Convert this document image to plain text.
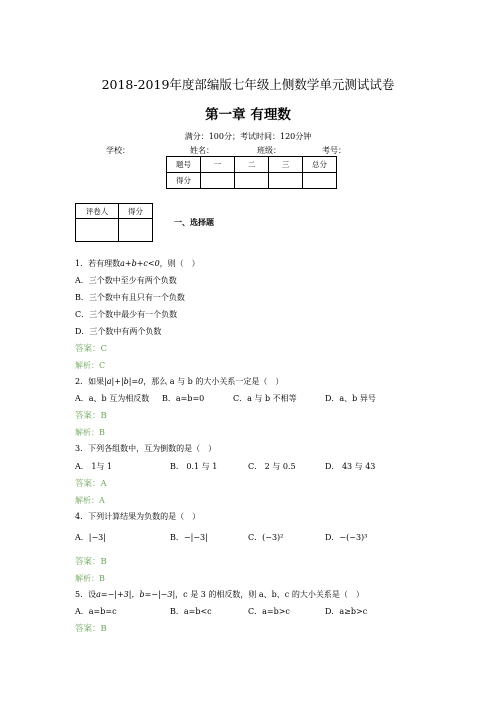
2018-2019年度部编版七年级上侧数学单元测试试卷
第一章 有理数
满分：100分；考试时间：120分钟
学校：	姓名：	班级：	考号：
题号	一	二	三	总分
得分				
评卷人	得分

一、选择题
1．若有理数a+b+c<0，则（　）
A．三个数中至少有两个负数
B．三个数中有且只有一个负数
C．三个数中最少有一个负数
D．三个数中有两个负数
答案：C
解析：C
2．如果|a|+|b|=0，那么 a 与 b 的大小关系一定是（　）
A．a、b 互为相反数 B．a=b=0	C．a 与 b 不相等	D．a、b 异号
答案：B
解析：B
3．下列各组数中，互为倒数的是（　）
A． 1与 1	B． 0.1 与 1	C． 2 与 0.5	D． 43 与 43
答案：A
解析：A
4．下列计算结果为负数的是（　）
A．|−3|	B．−|−3|	C．(−3)²	D．−(−3)³
答案：B
解析：B
5．设a=−|+3|，b=−|−3|，c 是 3 的相反数，则 a、b、c 的大小关系是（　）
A．a=b=c	B．a=b<c	C．a=b>c	D．a≥b>c
答案：B
